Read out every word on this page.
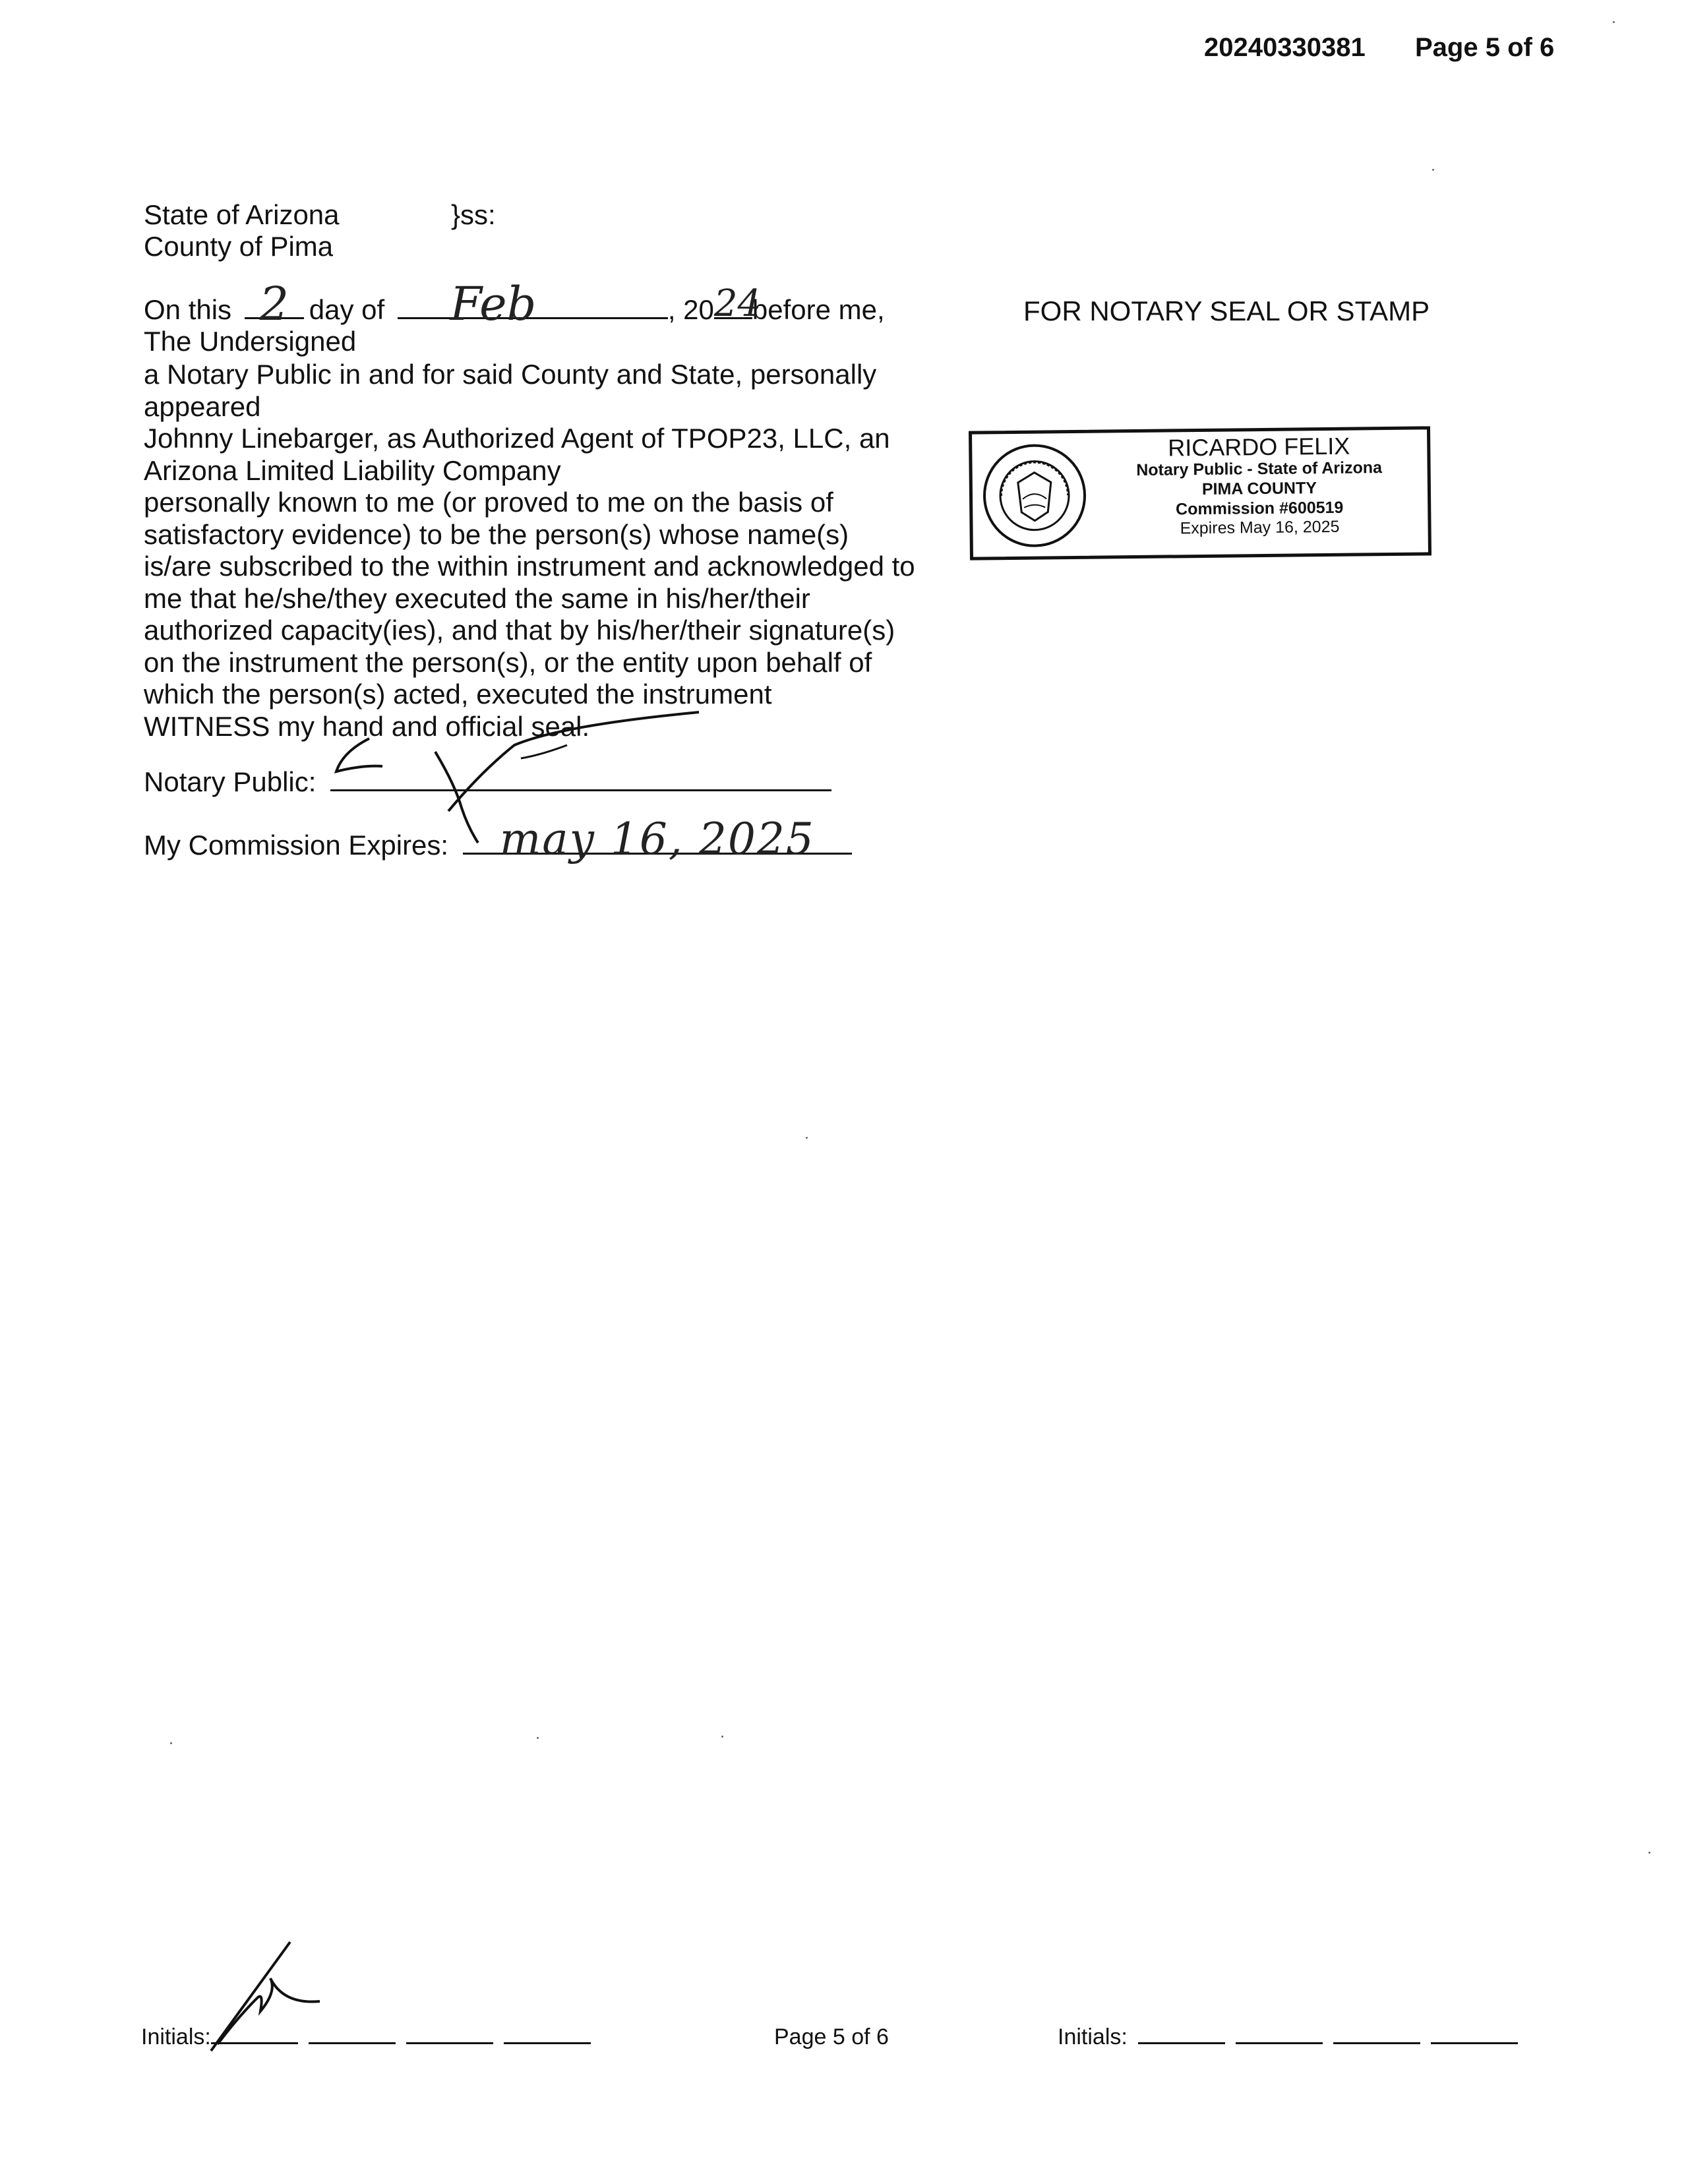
20240330381 Page 5 of 6
State of Arizona	}ss:
County of Pima
On this 2 day of	Feb	, 20 24
before me,
The Undersigned
a Notary Public in and for said County and State, personally
appeared
Johnny Linebarger, as Authorized Agent of TPOP23, LLC, an
Arizona Limited Liability Company
personally known to me (or proved to me on the basis of
satisfactory evidence) to be the person(s) whose name(s)
is/are subscribed to the within instrument and acknowledged to
me that he/she/they executed the same in his/her/their
authorized capacity(ies), and that by his/her/their signature(s)
on the instrument the person(s), or the entity upon behalf of
which the person(s) acted, executed the instrument
WITNESS my hand and official seal.
Notary Public:
My Commission Expires:	may 16, 2025
FOR NOTARY SEAL OR STAMP
RICARDO FELIX
Notary Public - State of Arizona
PIMA COUNTY
Commission #600519
Expires May 16, 2025
Initials:	Page 5 of 6	Initials:
